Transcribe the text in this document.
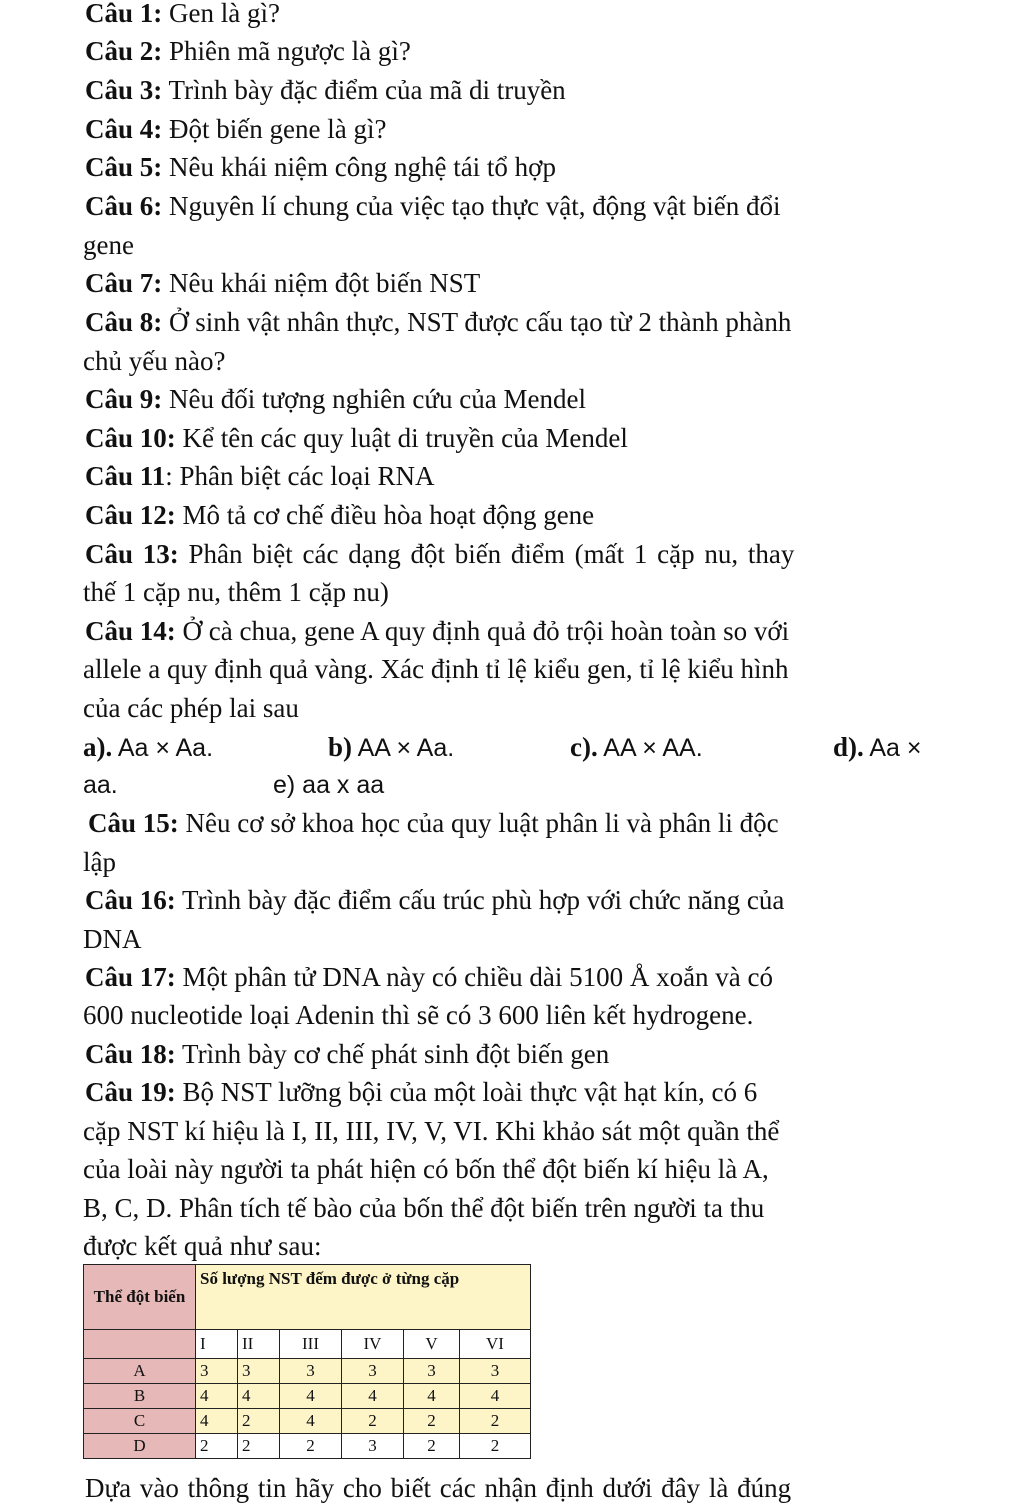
Câu 1: Gen là gì?
Câu 2: Phiên mã ngược là gì?
Câu 3: Trình bày đặc điểm của mã di truyền
Câu 4: Đột biến gene là gì?
Câu 5: Nêu khái niệm công nghệ tái tổ hợp
Câu 6: Nguyên lí chung của việc tạo thực vật, động vật biến đổi
gene
Câu 7: Nêu khái niệm đột biến NST
Câu 8: Ở sinh vật nhân thực, NST được cấu tạo từ 2 thành phành
chủ yếu nào?
Câu 9: Nêu đối tượng nghiên cứu của Mendel
Câu 10: Kể tên các quy luật di truyền của Mendel
Câu 11: Phân biệt các loại RNA
Câu 12: Mô tả cơ chế điều hòa hoạt động gene
Câu 13: Phân biệt các dạng đột biến điểm (mất 1 cặp nu, thay
thế 1 cặp nu, thêm 1 cặp nu)
Câu 14: Ở cà chua, gene A quy định quả đỏ trội hoàn toàn so với
allele a quy định quả vàng. Xác định tỉ lệ kiểu gen, tỉ lệ kiểu hình
của các phép lai sau
a). Aa × Aa.	b) AA × Aa.	c). AA × AA.	d). Aa ×
aa.	e) aa x aa
Câu 15: Nêu cơ sở khoa học của quy luật phân li và phân li độc
lập
Câu 16: Trình bày đặc điểm cấu trúc phù hợp với chức năng của
DNA
Câu 17: Một phân tử DNA này có chiều dài 5100 Å xoắn và có
600 nucleotide loại Adenin thì sẽ có 3 600 liên kết hydrogene.
Câu 18: Trình bày cơ chế phát sinh đột biến gen
Câu 19: Bộ NST lưỡng bội của một loài thực vật hạt kín, có 6
cặp NST kí hiệu là I, II, III, IV, V, VI. Khi khảo sát một quần thể
của loài này người ta phát hiện có bốn thể đột biến kí hiệu là A,
B, C, D. Phân tích tế bào của bốn thể đột biến trên người ta thu
được kết quả như sau:
Thể đột biến	Số lượng NST đếm được ở từng cặp					
	I	II	III	IV	V	VI
A	3	3	3	3	3	3
B	4	4	4	4	4	4
C	4	2	4	2	2	2
D	2	2	2	3	2	2
Dựa vào thông tin hãy cho biết các nhận định dưới đây là đúng
